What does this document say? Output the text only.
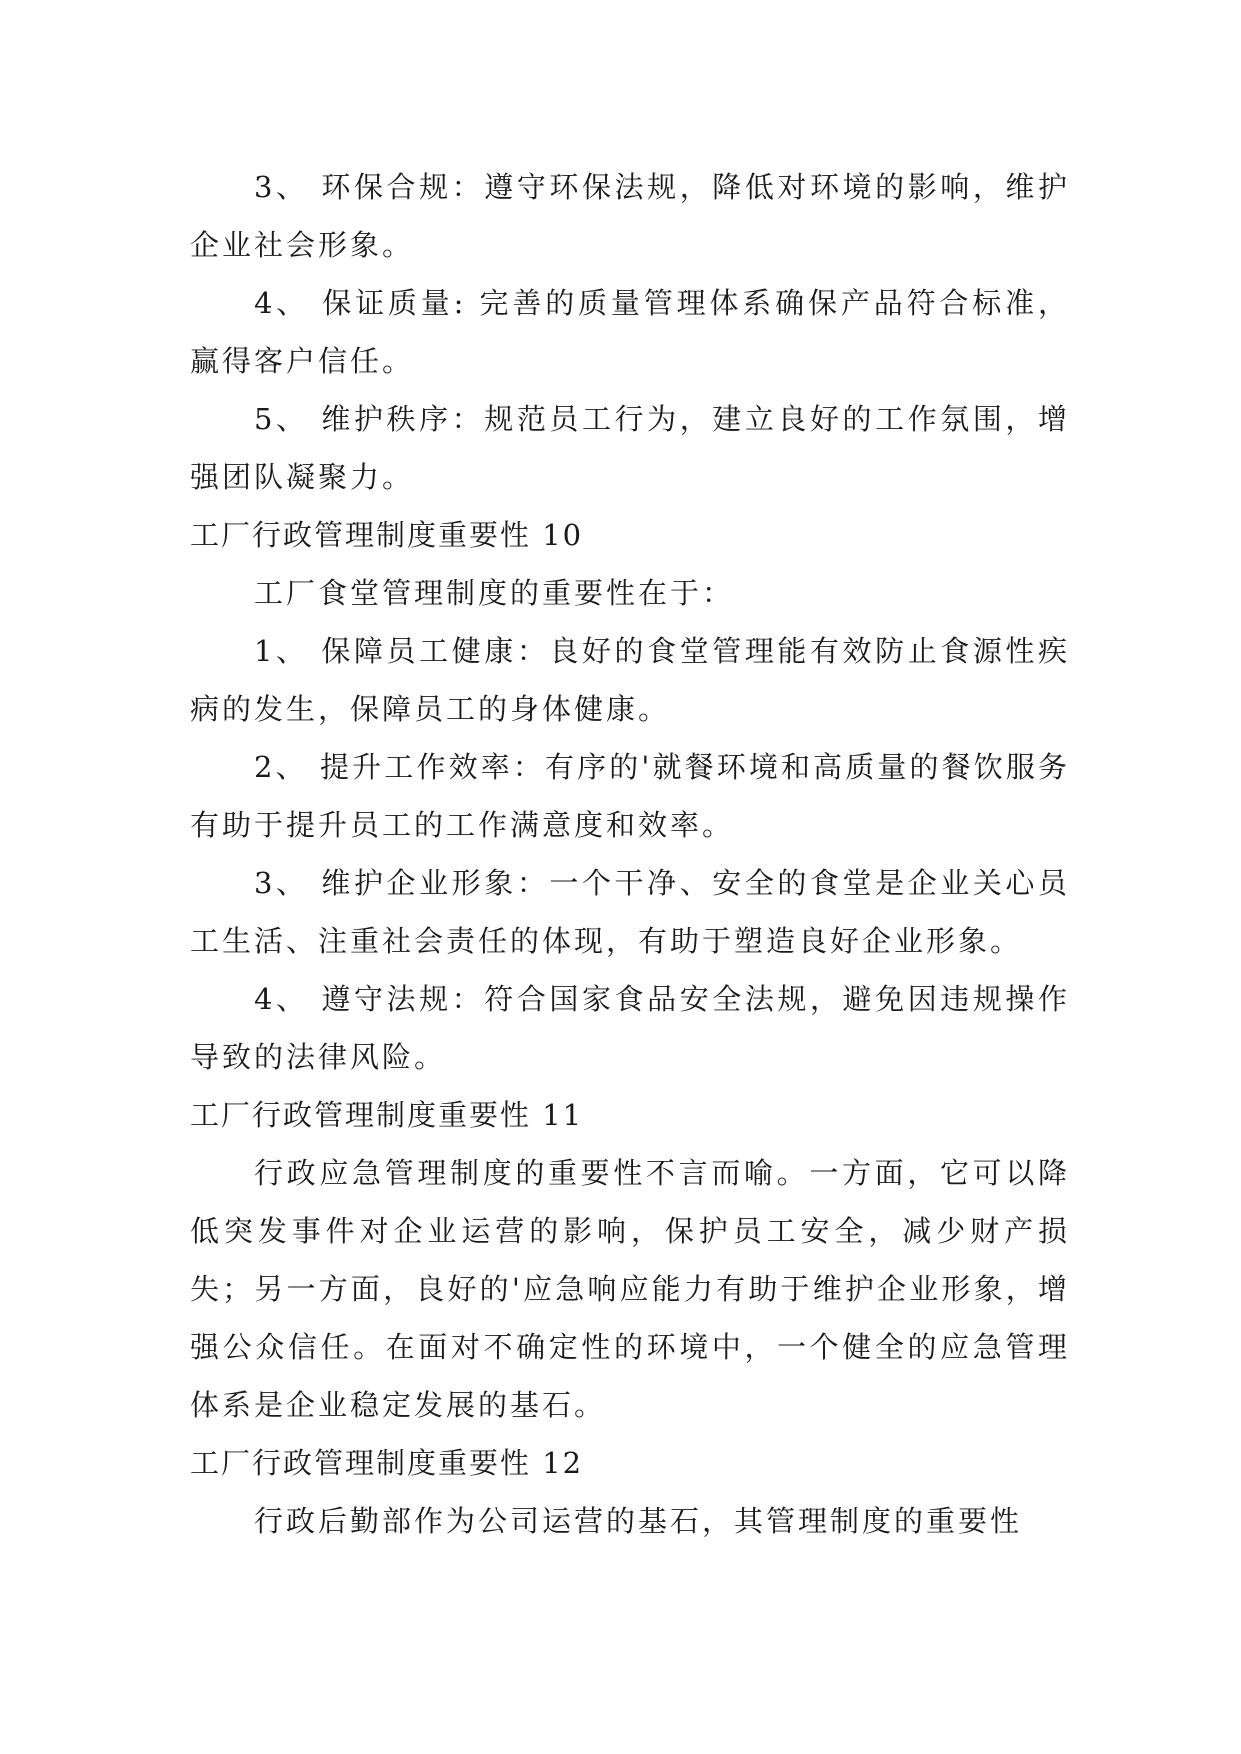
3、 环保合规：遵守环保法规，降低对环境的影响，维护企业社会形象。

4、 保证质量: 完善的质量管理体系确保产品符合标准，赢得客户信任。

5、 维护秩序：规范员工行为，建立良好的工作氛围，增强团队凝聚力。

工厂行政管理制度重要性 10

工厂食堂管理制度的重要性在于：

1、 保障员工健康：良好的食堂管理能有效防止食源性疾病的发生，保障员工的身体健康。

2、 提升工作效率：有序的'就餐环境和高质量的餐饮服务有助于提升员工的工作满意度和效率。

3、 维护企业形象：一个干净、安全的食堂是企业关心员工生活、注重社会责任的体现，有助于塑造良好企业形象。

4、 遵守法规：符合国家食品安全法规，避免因违规操作导致的法律风险。

工厂行政管理制度重要性 11

行政应急管理制度的重要性不言而喻。一方面，它可以降低突发事件对企业运营的影响，保护员工安全，减少财产损失；另一方面，良好的'应急响应能力有助于维护企业形象，增强公众信任。在面对不确定性的环境中，一个健全的应急管理体系是企业稳定发展的基石。

工厂行政管理制度重要性 12

行政后勤部作为公司运营的基石，其管理制度的重要性
